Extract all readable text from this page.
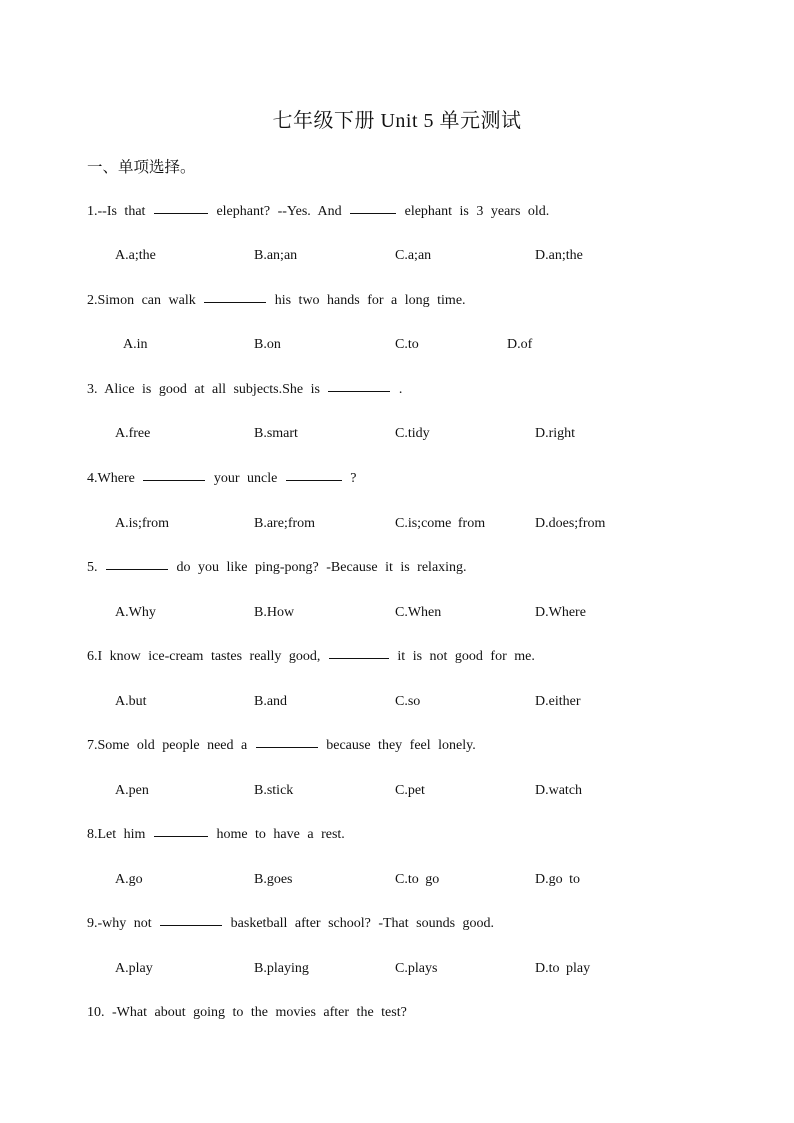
七年级下册 Unit 5 单元测试
一、单项选择。
1.--Is that	elephant? --Yes. And	elephant is 3 years old.
A.a;the	B.an;an	C.a;an	D.an;the
2.Simon can walk	his two hands for a long time.
A.in	B.on	C.to	D.of
3. Alice is good at all subjects.She is	.
A.free	B.smart	C.tidy	D.right
4.Where	your uncle	?
A.is;from	B.are;from	C.is;come from	D.does;from
5.	do you like ping-pong? -Because it is relaxing.
A.Why	B.How	C.When	D.Where
6.I know ice-cream tastes really good,	it is not good for me.
A.but	B.and	C.so	D.either
7.Some old people need a	because they feel lonely.
A.pen	B.stick	C.pet	D.watch
8.Let him	home to have a rest.
A.go	B.goes	C.to go	D.go to
9.-why not	basketball after school? -That sounds good.
A.play	B.playing	C.plays	D.to play
10. -What about going to the movies after the test?
